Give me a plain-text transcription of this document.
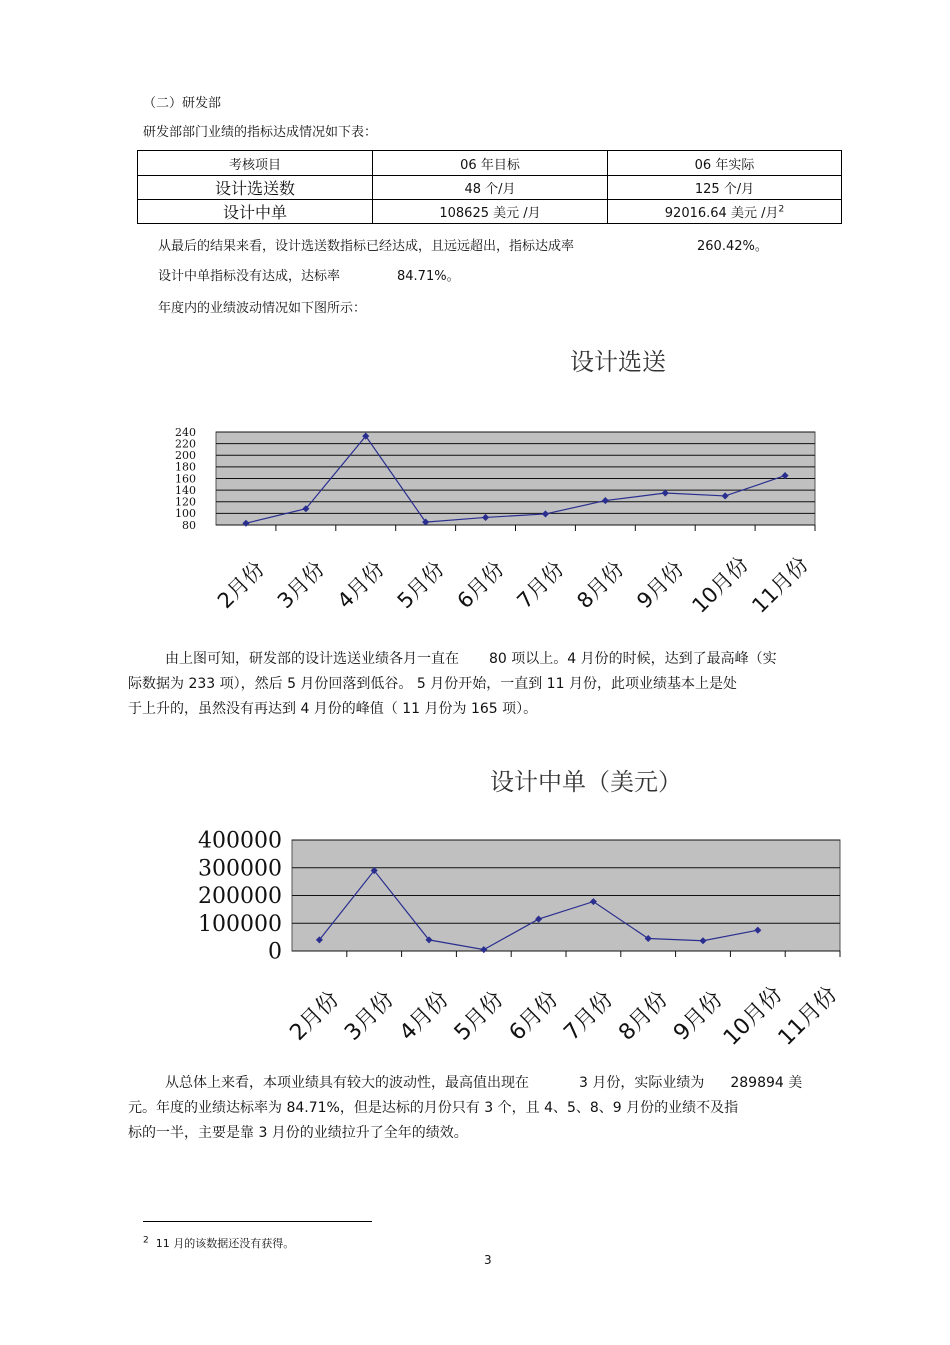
（二）研发部
研发部部门业绩的指标达成情况如下表：
考核项目	06 年目标	06 年实际
设计选送数	48 个/月	125 个/月
设计中单	108625 美元 /月	92016.64 美元 /月$^2$
从最后的结果来看，设计选送数指标已经达成，且远远超出，指标达成率	260.42%。
设计中单指标没有达成，达标率	84.71%。
年度内的业绩波动情况如下图所示：
设计选送
240
220
200
180
160
140
120
100
80
2月份 3月份 4月份 5月份 6月份 7月份 8月份 9月份 10月份
11月份
由上图可知，研发部的设计选送业绩各月一直在 80 项以上。4 月份的时候，达到了最高峰（实
际数据为 233 项），然后 5 月份回落到低谷。 5 月份开始，一直到 11 月份，此项业绩基本上是处
于上升的，虽然没有再达到 4 月份的峰值（ 11 月份为 165 项）。
设计中单（美元）
400000
300000
200000
100000
0
2月份
3月份
4月份
5月份
6月份
7月份
8月份
9月份
10月份
11月份
从总体上来看，本项业绩具有较大的波动性，最高值出现在	3 月份，实际业绩为 289894 美
元。年度的业绩达标率为 84.71%，但是达标的月份只有 3 个，且 4、5、8、9 月份的业绩不及指
标的一半，主要是靠 3 月份的业绩拉升了全年的绩效。
$^2$ 11 月的该数据还没有获得。
3
